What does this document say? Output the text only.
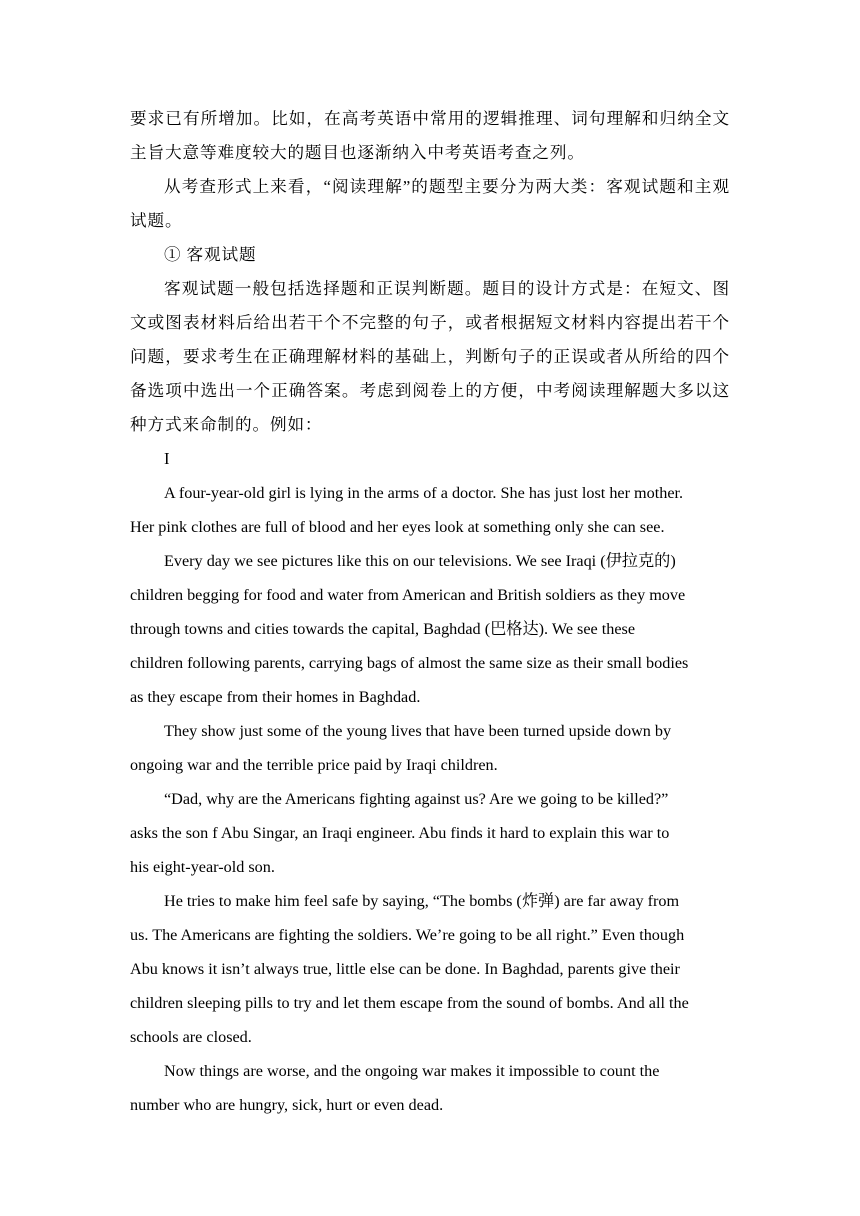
要求已有所增加。比如，在高考英语中常用的逻辑推理、词句理解和归纳全文主旨大意等难度较大的题目也逐渐纳入中考英语考查之列。

从考查形式上来看，“阅读理解”的题型主要分为两大类：客观试题和主观试题。

① 客观试题

客观试题一般包括选择题和正误判断题。题目的设计方式是：在短文、图文或图表材料后给出若干个不完整的句子，或者根据短文材料内容提出若干个问题，要求考生在正确理解材料的基础上，判断句子的正误或者从所给的四个备选项中选出一个正确答案。考虑到阅卷上的方便，中考阅读理解题大多以这种方式来命制的。例如：

I

A four-year-old girl is lying in the arms of a doctor. She has just lost her mother.
Her pink clothes are full of blood and her eyes look at something only she can see.

Every day we see pictures like this on our televisions. We see Iraqi (伊拉克的)
children begging for food and water from American and British soldiers as they move
through towns and cities towards the capital, Baghdad (巴格达). We see these
children following parents, carrying bags of almost the same size as their small bodies
as they escape from their homes in Baghdad.

They show just some of the young lives that have been turned upside down by
ongoing war and the terrible price paid by Iraqi children.

“Dad, why are the Americans fighting against us? Are we going to be killed?”
asks the son f Abu Singar, an Iraqi engineer. Abu finds it hard to explain this war to
his eight-year-old son.

He tries to make him feel safe by saying, “The bombs (炸弹) are far away from
us. The Americans are fighting the soldiers. We’re going to be all right.” Even though
Abu knows it isn’t always true, little else can be done. In Baghdad, parents give their
children sleeping pills to try and let them escape from the sound of bombs. And all the
schools are closed.

Now things are worse, and the ongoing war makes it impossible to count the
number who are hungry, sick, hurt or even dead.
